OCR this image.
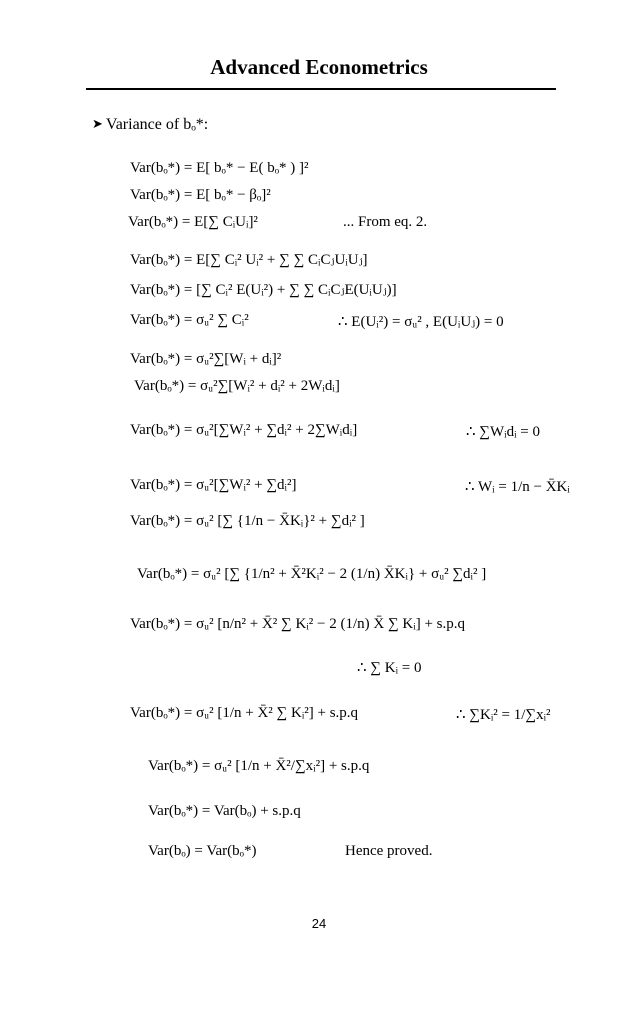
Advanced Econometrics
➤ Variance of bₒ*:
Var(bₒ*) = E[ bₒ* − E( bₒ* ) ]²
Var(bₒ*) = E[ bₒ* − βₒ]²
Var(bₒ*) = E[∑ CᵢUᵢ]²	... From eq. 2.
Var(bₒ*) = E[∑ Cᵢ² Uᵢ² + ∑ ∑ CᵢCⱼUᵢUⱼ]
Var(bₒ*) = [∑ Cᵢ² E(Uᵢ²) + ∑ ∑ CᵢCⱼE(UᵢUⱼ)]
Var(bₒ*) = σᵤ² ∑ Cᵢ²	∴ E(Uᵢ²) = σᵤ² , E(UᵢUⱼ) = 0
Var(bₒ*) = σᵤ²∑[Wᵢ + dᵢ]²
Var(bₒ*) = σᵤ²∑[Wᵢ² + dᵢ² + 2Wᵢdᵢ]
Var(bₒ*) = σᵤ²[∑Wᵢ² + ∑dᵢ² + 2∑Wᵢdᵢ]	∴ ∑Wᵢdᵢ = 0
Var(bₒ*) = σᵤ²[∑Wᵢ² + ∑dᵢ²]	∴ Wᵢ = 1/n − X̄Kᵢ
Var(bₒ*) = σᵤ² [∑ {1/n − X̄Kᵢ}² + ∑dᵢ² ]
Var(bₒ*) = σᵤ² [∑ {1/n² + X̄²Kᵢ² − 2 (1/n) X̄Kᵢ} + σᵤ² ∑dᵢ² ]
Var(bₒ*) = σᵤ² [n/n² + X̄² ∑ Kᵢ² − 2 (1/n) X̄ ∑ Kᵢ] + s.p.q
∴ ∑ Kᵢ = 0
Var(bₒ*) = σᵤ² [1/n + X̄² ∑ Kᵢ²] + s.p.q	∴ ∑Kᵢ² = 1/∑xᵢ²
Var(bₒ*) = σᵤ² [1/n + X̄²/∑xᵢ²] + s.p.q
Var(bₒ*) = Var(bₒ) + s.p.q
Var(bₒ) = Var(bₒ*)	Hence proved.
24
